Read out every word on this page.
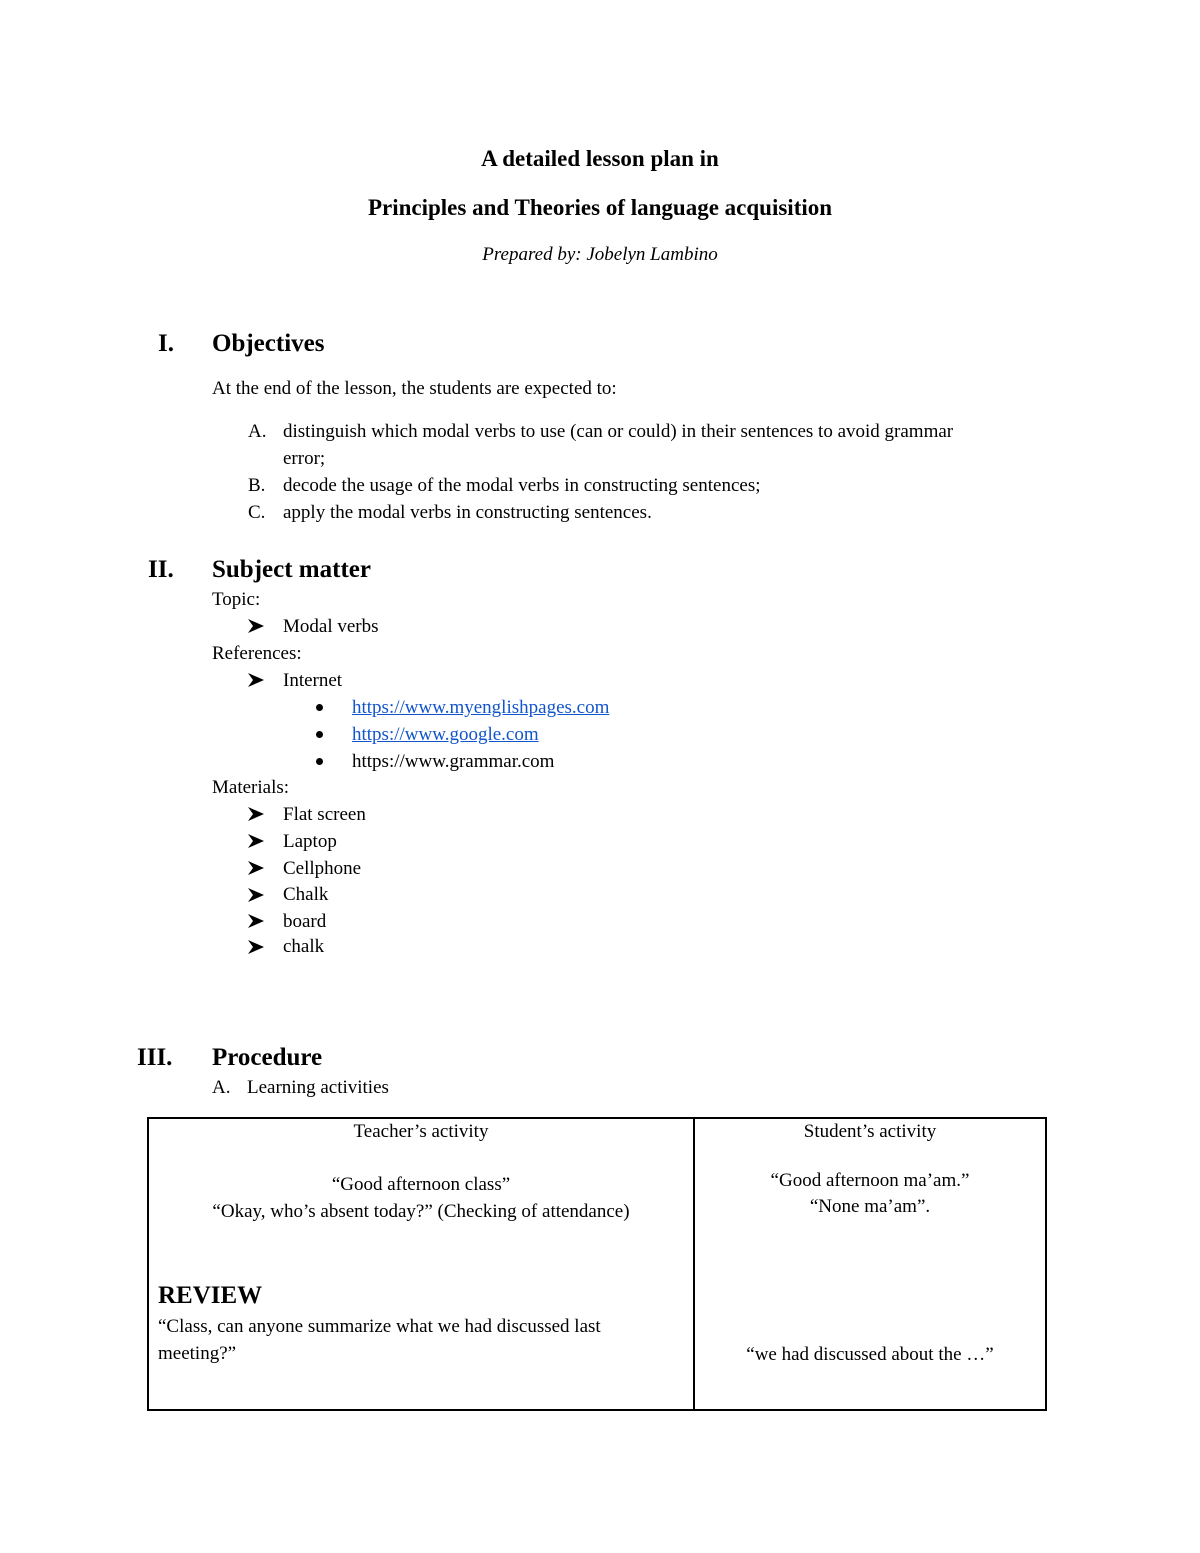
A detailed lesson plan in
Principles and Theories of language acquisition
Prepared by: Jobelyn Lambino
I. Objectives
At the end of the lesson, the students are expected to:
A. distinguish which modal verbs to use (can or could) in their sentences to avoid grammar
error;
B. decode the usage of the modal verbs in constructing sentences;
C. apply the modal verbs in constructing sentences.
II. Subject matter
Topic:
Modal verbs
References:
Internet
https://www.myenglishpages.com
https://www.google.com
https://www.grammar.com
Materials:
Flat screen
Laptop
Cellphone
Chalk
board
chalk
III. Procedure
A. Learning activities
Teacher’s activity	Student’s activity
“Good afternoon class”
“Okay, who’s absent today?” (Checking of attendance)
“Good afternoon ma’am.”
“None ma’am”.
REVIEW
“Class, can anyone summarize what we had discussed last
meeting?”	“we had discussed about the …”
